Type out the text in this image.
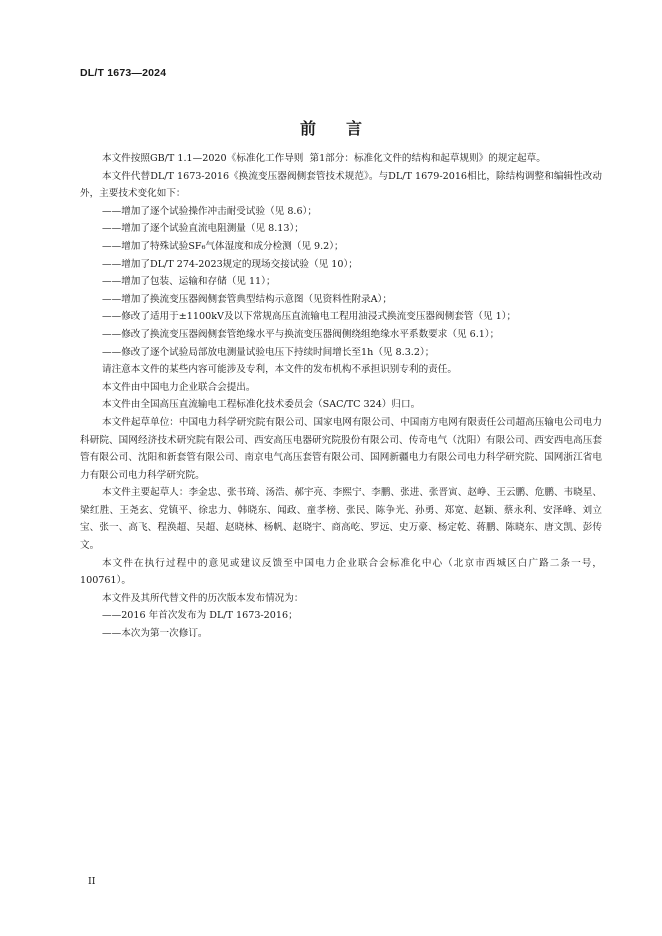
DL/T 1673—2024
前言

本文件按照GB/T 1.1—2020《标准化工作导则  第1部分：标准化文件的结构和起草规则》的规定起草。

本文件代替DL/T 1673-2016《换流变压器阀侧套管技术规范》。与DL/T 1679-2016相比，除结构调整和编辑性改动外，主要技术变化如下：

——增加了逐个试验操作冲击耐受试验（见 8.6）；

——增加了逐个试验直流电阻测量（见 8.13）；

——增加了特殊试验SF₆气体湿度和成分检测（见 9.2）；

——增加了DL/T 274-2023规定的现场交接试验（见 10）；

——增加了包装、运输和存储（见 11）；

——增加了换流变压器阀侧套管典型结构示意图（见资料性附录A）；

——修改了适用于±1100kV及以下常规高压直流输电工程用油浸式换流变压器阀侧套管（见 1）；

——修改了换流变压器阀侧套管绝缘水平与换流变压器阀侧绕组绝缘水平系数要求（见 6.1）；

——修改了逐个试验局部放电测量试验电压下持续时间增长至1h（见 8.3.2）；

请注意本文件的某些内容可能涉及专利，本文件的发布机构不承担识别专利的责任。

本文件由中国电力企业联合会提出。

本文件由全国高压直流输电工程标准化技术委员会（SAC/TC 324）归口。

本文件起草单位：中国电力科学研究院有限公司、国家电网有限公司、中国南方电网有限责任公司超高压输电公司电力科研院、国网经济技术研究院有限公司、西安高压电器研究院股份有限公司、传奇电气（沈阳）有限公司、西安西电高压套管有限公司、沈阳和新套管有限公司、南京电气高压套管有限公司、国网新疆电力有限公司电力科学研究院、国网浙江省电力有限公司电力科学研究院。

本文件主要起草人：李金忠、张书琦、汤浩、郝宇亮、李熙宁、李鹏、张进、张晋寅、赵峥、王云鹏、危鹏、韦晓星、梁红胜、王尧玄、党镇平、徐忠力、韩晓东、闻政、童孝榜、张民、陈争光、孙勇、郑宽、赵颖、蔡永利、安泽峰、刘立宝、张一、高飞、程涣超、吴超、赵晓林、杨帆、赵晓宇、商高屹、罗远、史万豪、杨定乾、蒋鹏、陈晓东、唐文凯、彭传文。

本文件在执行过程中的意见或建议反馈至中国电力企业联合会标准化中心（北京市西城区白广路二条一号，100761）。

本文件及其所代替文件的历次版本发布情况为：

——2016 年首次发布为 DL/T 1673-2016；

——本次为第一次修订。

II
